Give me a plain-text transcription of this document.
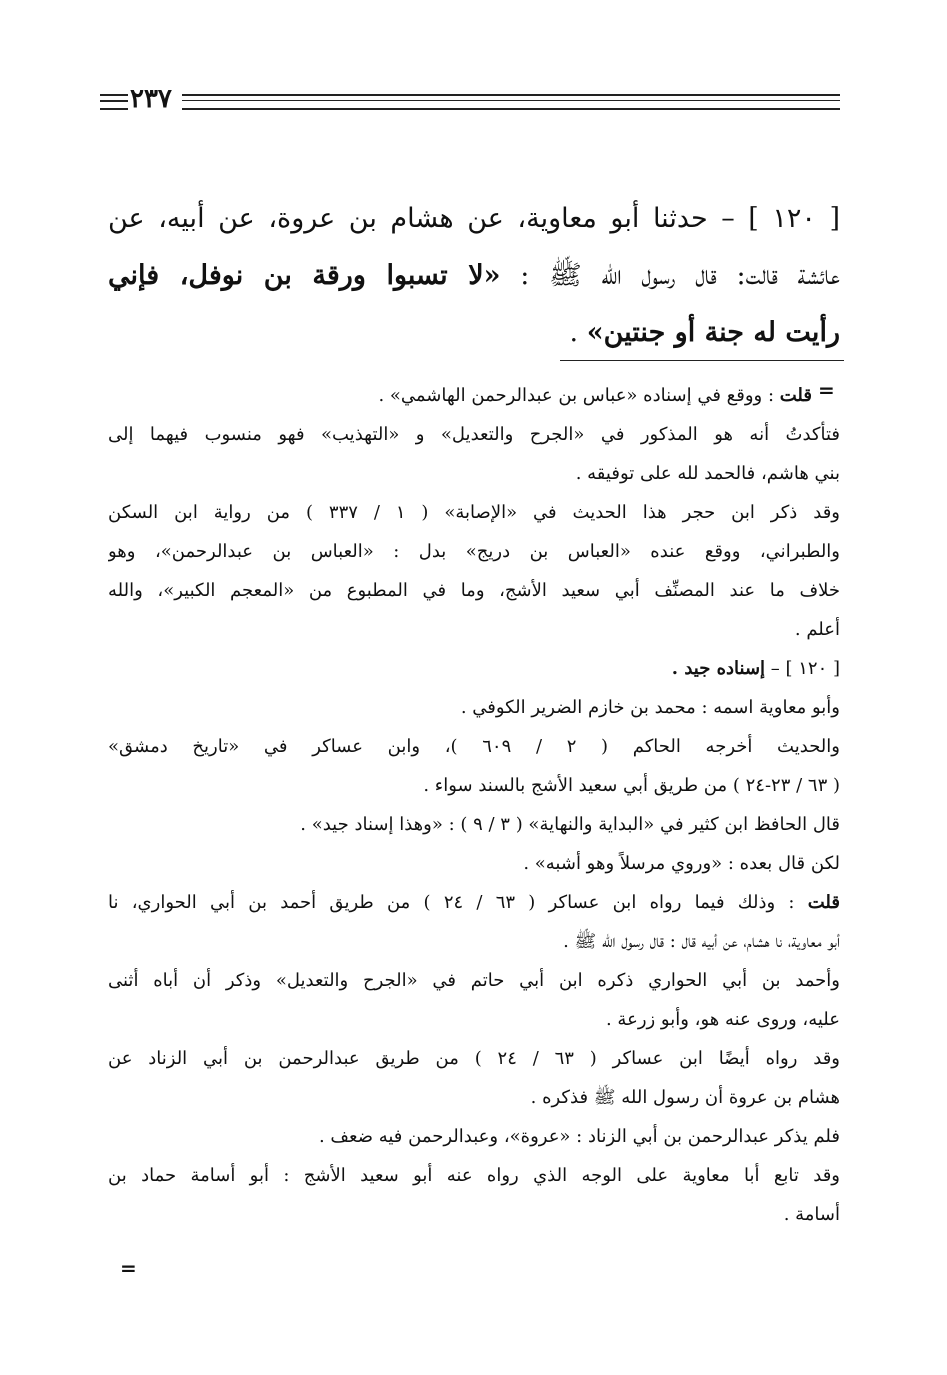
٢٣٧
[ ١٢٠ ] – حدثنا أبو معاوية، عن هشام بن عروة، عن أبيه، عن
عائشة قالت: قال رسول الله ﷺ : «لا تسبوا ورقة بن نوفل، فإني
رأيت له جنة أو جنتين» .
=
=
قلت : ووقع في إسناده «عباس بن عبدالرحمن الهاشمي» .
فتأكدتُ أنه هو المذكور في «الجرح والتعديل» و «التهذيب» فهو منسوب فيهما إلى
بني هاشم، فالحمد لله على توفيقه .
وقد ذكر ابن حجر هذا الحديث في «الإصابة» ( ١ / ٣٣٧ ) من رواية ابن السكن
والطبراني، ووقع عنده «العباس بن دريج» بدل : «العباس بن عبدالرحمن»، وهو
خلاف ما عند المصنِّف أبي سعيد الأشج، وما في المطبوع من «المعجم الكبير»، والله
أعلم .
[ ١٢٠ ] – إسناده جيد .
وأبو معاوية اسمه : محمد بن خازم الضرير الكوفي .
والحديث أخرجه الحاكم ( ٢ / ٦٠٩ )، وابن عساكر في «تاريخ دمشق»
( ٦٣ / ٢٣-٢٤ ) من طريق أبي سعيد الأشج بالسند سواء .
قال الحافظ ابن كثير في «البداية والنهاية» ( ٣ / ٩ ) : «وهذا إسناد جيد» .
لكن قال بعده : «وروي مرسلاً وهو أشبه» .
قلت : وذلك فيما رواه ابن عساكر ( ٦٣ / ٢٤ ) من طريق أحمد بن أبي الحواري، نا
أبو معاوية، نا هشام، عن أبيه قال : قال رسول الله ﷺ .
وأحمد بن أبي الحواري ذكره ابن أبي حاتم في «الجرح والتعديل» وذكر أن أباه أثنى
عليه، وروى عنه هو، وأبو زرعة .
وقد رواه أيضًا ابن عساكر ( ٦٣ / ٢٤ ) من طريق عبدالرحمن بن أبي الزناد عن
هشام بن عروة أن رسول الله ﷺ فذكره .
فلم يذكر عبدالرحمن بن أبي الزناد : «عروة»، وعبدالرحمن فيه ضعف .
وقد تابع أبا معاوية على الوجه الذي رواه عنه أبو سعيد الأشج : أبو أسامة حماد بن
أسامة .
